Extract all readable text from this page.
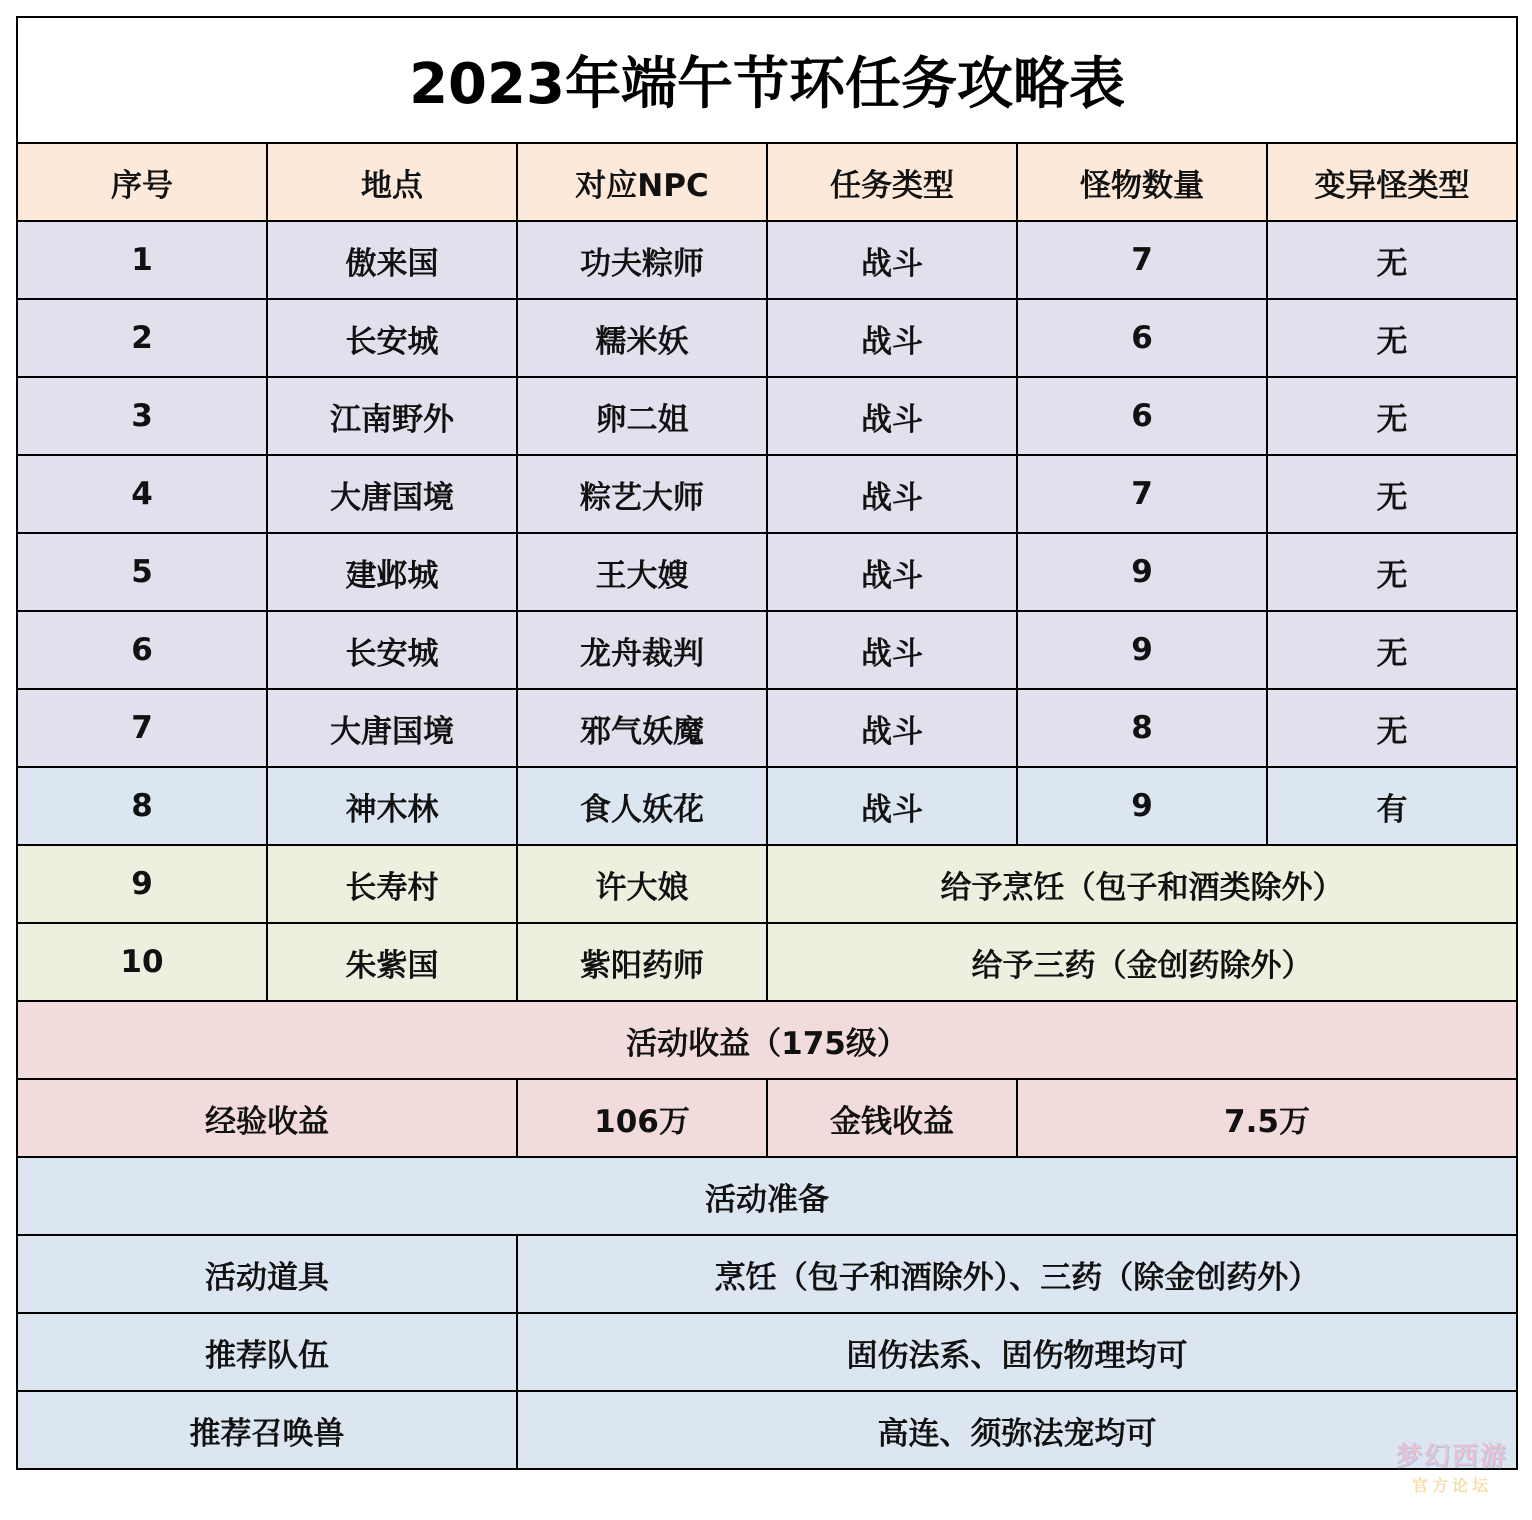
2023年端午节环任务攻略表					
序号	地点	对应NPC	任务类型	怪物数量	变异怪类型
1	傲来国	功夫粽师	战斗	7	无
2	长安城	糯米妖	战斗	6	无
3	江南野外	卵二姐	战斗	6	无
4	大唐国境	粽艺大师	战斗	7	无
5	建邺城	王大嫂	战斗	9	无
6	长安城	龙舟裁判	战斗	9	无
7	大唐国境	邪气妖魔	战斗	8	无
8	神木林	食人妖花	战斗	9	有
9	长寿村	许大娘	给予烹饪（包子和酒类除外）		
10	朱紫国	紫阳药师	给予三药（金创药除外）		
活动收益（175级）					
经验收益		106万	金钱收益	7.5万	
活动准备					
活动道具		烹饪（包子和酒除外）、三药（除金创药外）			
推荐队伍		固伤法系、固伤物理均可			
推荐召唤兽		高连、须弥法宠均可			
梦幻西游
官方论坛
